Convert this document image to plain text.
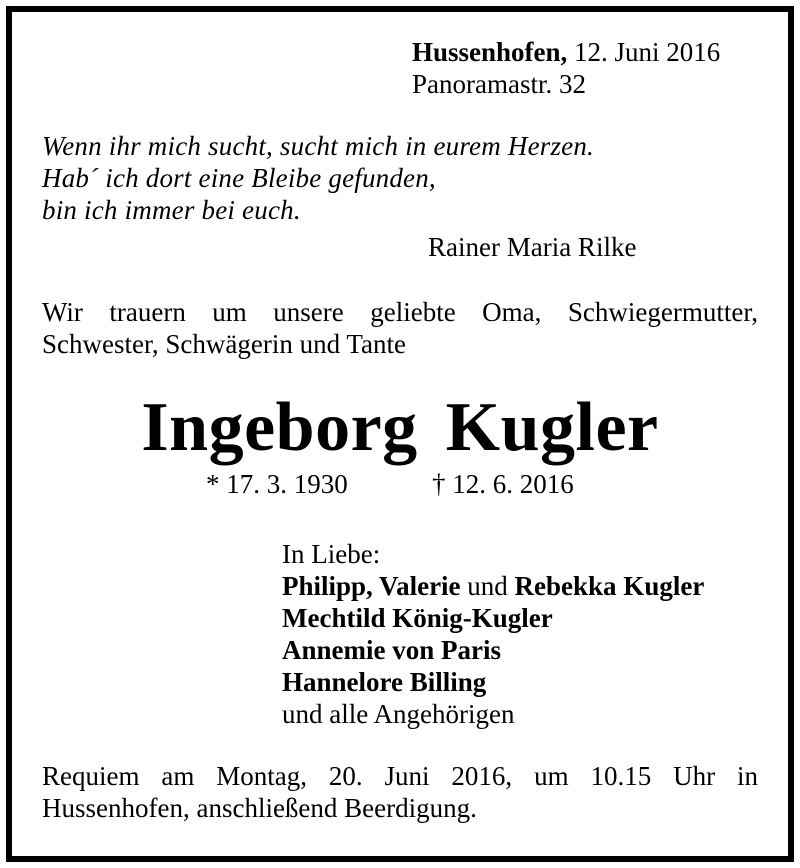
Hussenhofen, 12. Juni 2016
Panoramastr. 32
Wenn ihr mich sucht, sucht mich in eurem Herzen.
Hab´ ich dort eine Bleibe gefunden,
bin ich immer bei euch.
Rainer Maria Rilke
Wir trauern um unsere geliebte Oma, Schwiegermutter,
Schwester, Schwägerin und Tante
Ingeborg Kugler
* 17. 3. 1930	† 12. 6. 2016
In Liebe:
Philipp, Valerie und Rebekka Kugler
Mechtild König-Kugler
Annemie von Paris
Hannelore Billing
und alle Angehörigen
Requiem am Montag, 20. Juni 2016, um 10.15 Uhr in
Hussenhofen, anschließend Beerdigung.
